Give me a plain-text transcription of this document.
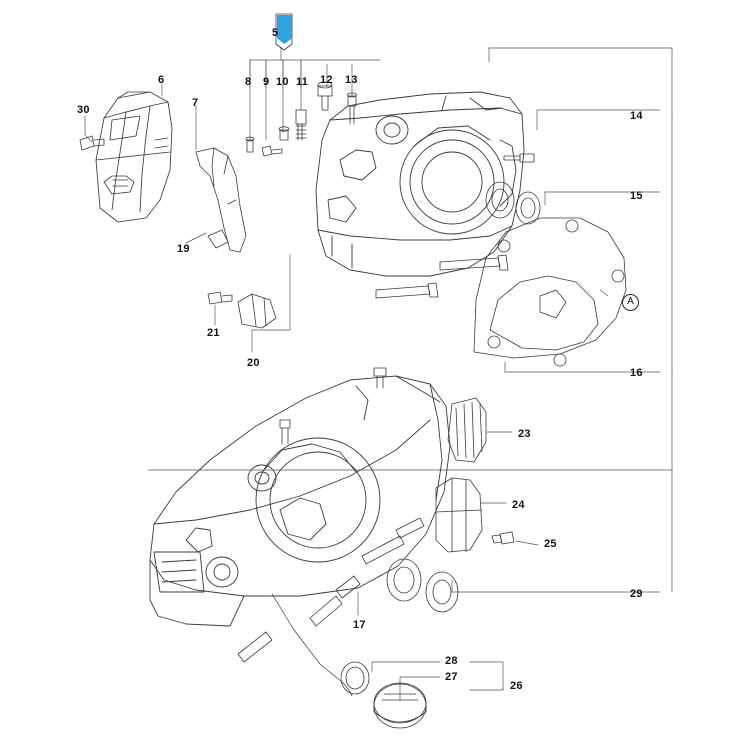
5
6
7
8 9 10 11 12 13
14
15
16
17
19
20
21
23
24
25
26
27
28
29
30
A
